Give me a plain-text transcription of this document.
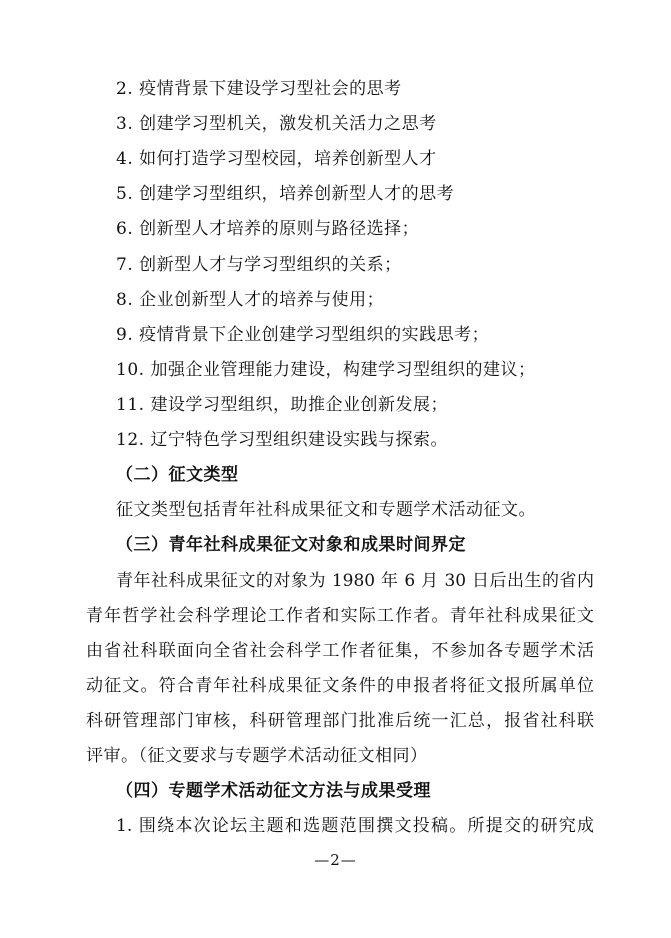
2. 疫情背景下建设学习型社会的思考
3. 创建学习型机关，激发机关活力之思考
4. 如何打造学习型校园，培养创新型人才
5. 创建学习型组织，培养创新型人才的思考
6. 创新型人才培养的原则与路径选择；
7. 创新型人才与学习型组织的关系；
8. 企业创新型人才的培养与使用；
9. 疫情背景下企业创建学习型组织的实践思考；
10. 加强企业管理能力建设，构建学习型组织的建议；
11. 建设学习型组织，助推企业创新发展；
12. 辽宁特色学习型组织建设实践与探索。
（二）征文类型
征文类型包括青年社科成果征文和专题学术活动征文。
（三）青年社科成果征文对象和成果时间界定
青年社科成果征文的对象为 1980 年 6 月 30 日后出生的省内
青年哲学社会科学理论工作者和实际工作者。青年社科成果征文
由省社科联面向全省社会科学工作者征集，不参加各专题学术活
动征文。符合青年社科成果征文条件的申报者将征文报所属单位
科研管理部门审核，科研管理部门批准后统一汇总，报省社科联
评审。（征文要求与专题学术活动征文相同）
（四）专题学术活动征文方法与成果受理
1. 围绕本次论坛主题和选题范围撰文投稿。所提交的研究成
—2—
